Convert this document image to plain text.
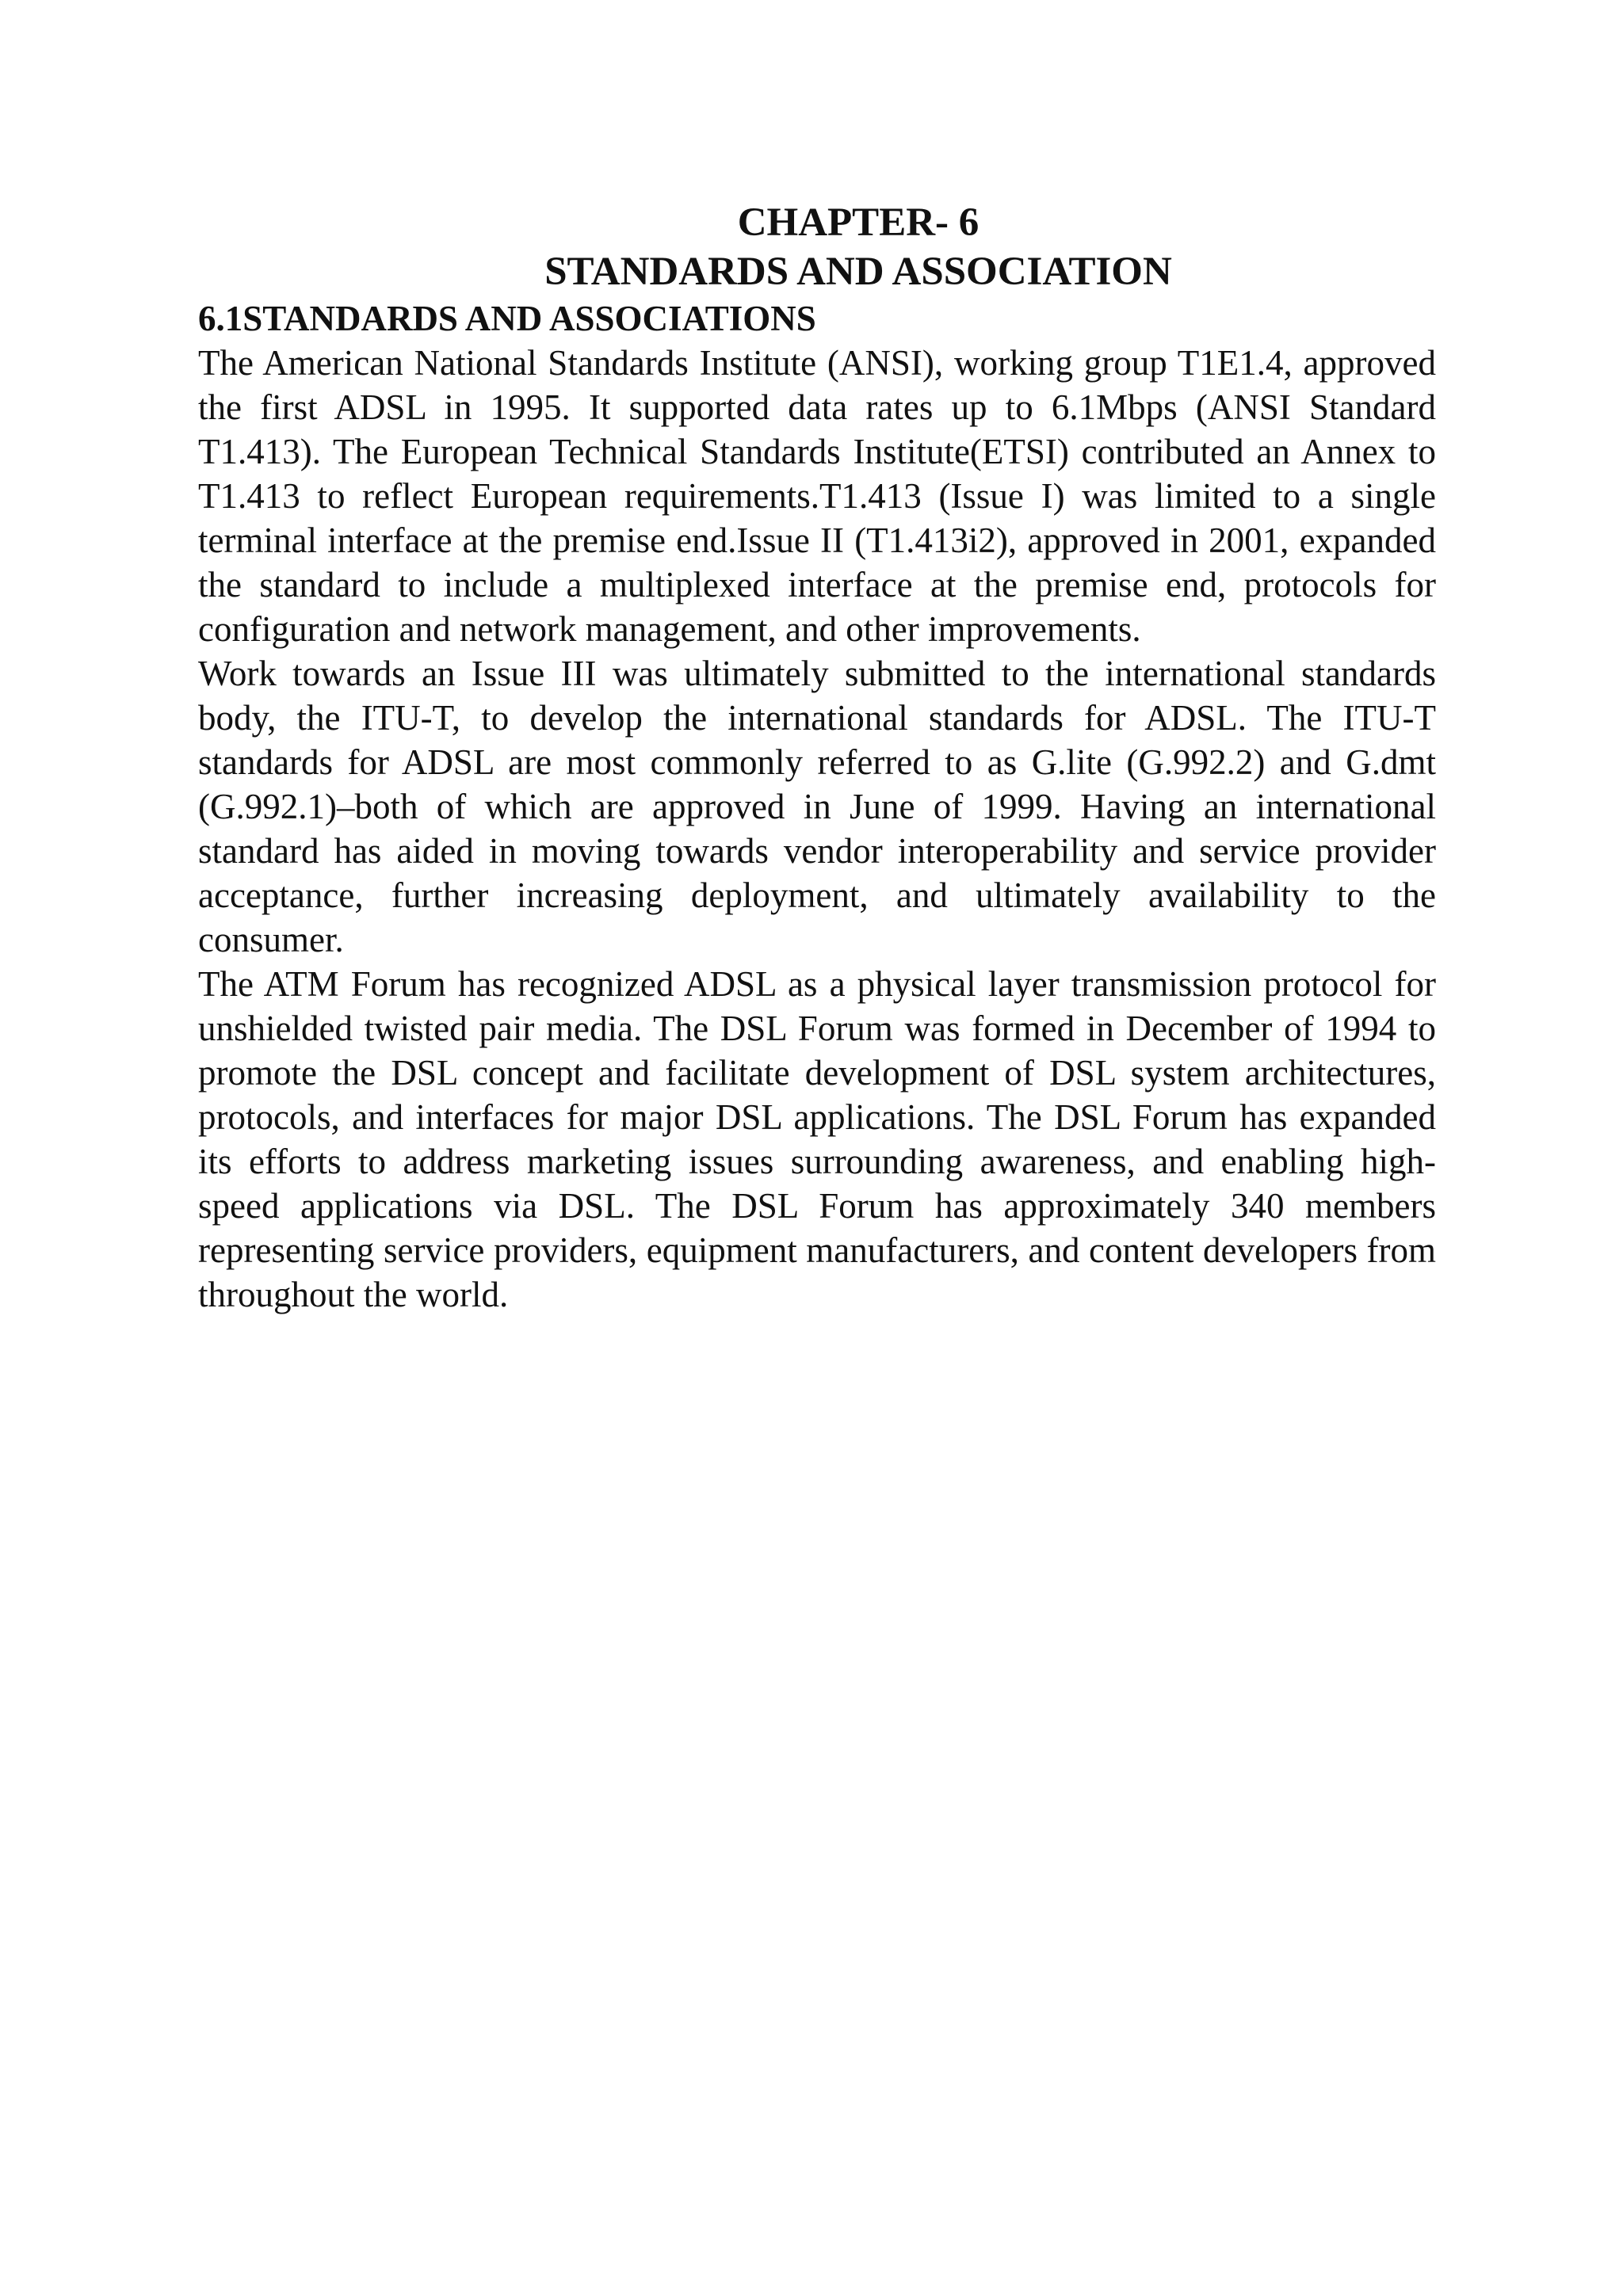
CHAPTER- 6
STANDARDS AND ASSOCIATION
6.1STANDARDS AND ASSOCIATIONS

The American National Standards Institute (ANSI), working group T1E1.4, approved the first ADSL in 1995. It supported data rates up to 6.1Mbps (ANSI Standard T1.413). The European Technical Standards Institute(ETSI) contributed an Annex to T1.413 to reflect European requirements.T1.413 (Issue I) was limited to a single terminal interface at the premise end.Issue II (T1.413i2), approved in 2001, expanded the standard to include a multiplexed interface at the premise end, protocols for configuration and network management, and other improvements.

Work towards an Issue III was ultimately submitted to the international standards body, the ITU-T, to develop the international standards for ADSL. The ITU-T standards for ADSL are most commonly referred to as G.lite (G.992.2) and G.dmt (G.992.1)–both of which are approved in June of 1999. Having an international standard has aided in moving towards vendor interoperability and service provider acceptance, further increasing deployment, and ultimately availability to the consumer.

The ATM Forum has recognized ADSL as a physical layer transmission protocol for unshielded twisted pair media. The DSL Forum was formed in December of 1994 to promote the DSL concept and facilitate development of DSL system architectures, protocols, and interfaces for major DSL applications. The DSL Forum has expanded its efforts to address marketing issues surrounding awareness, and enabling high-speed applications via DSL. The DSL Forum has approximately 340 members representing service providers, equipment manufacturers, and content developers from throughout the world.
